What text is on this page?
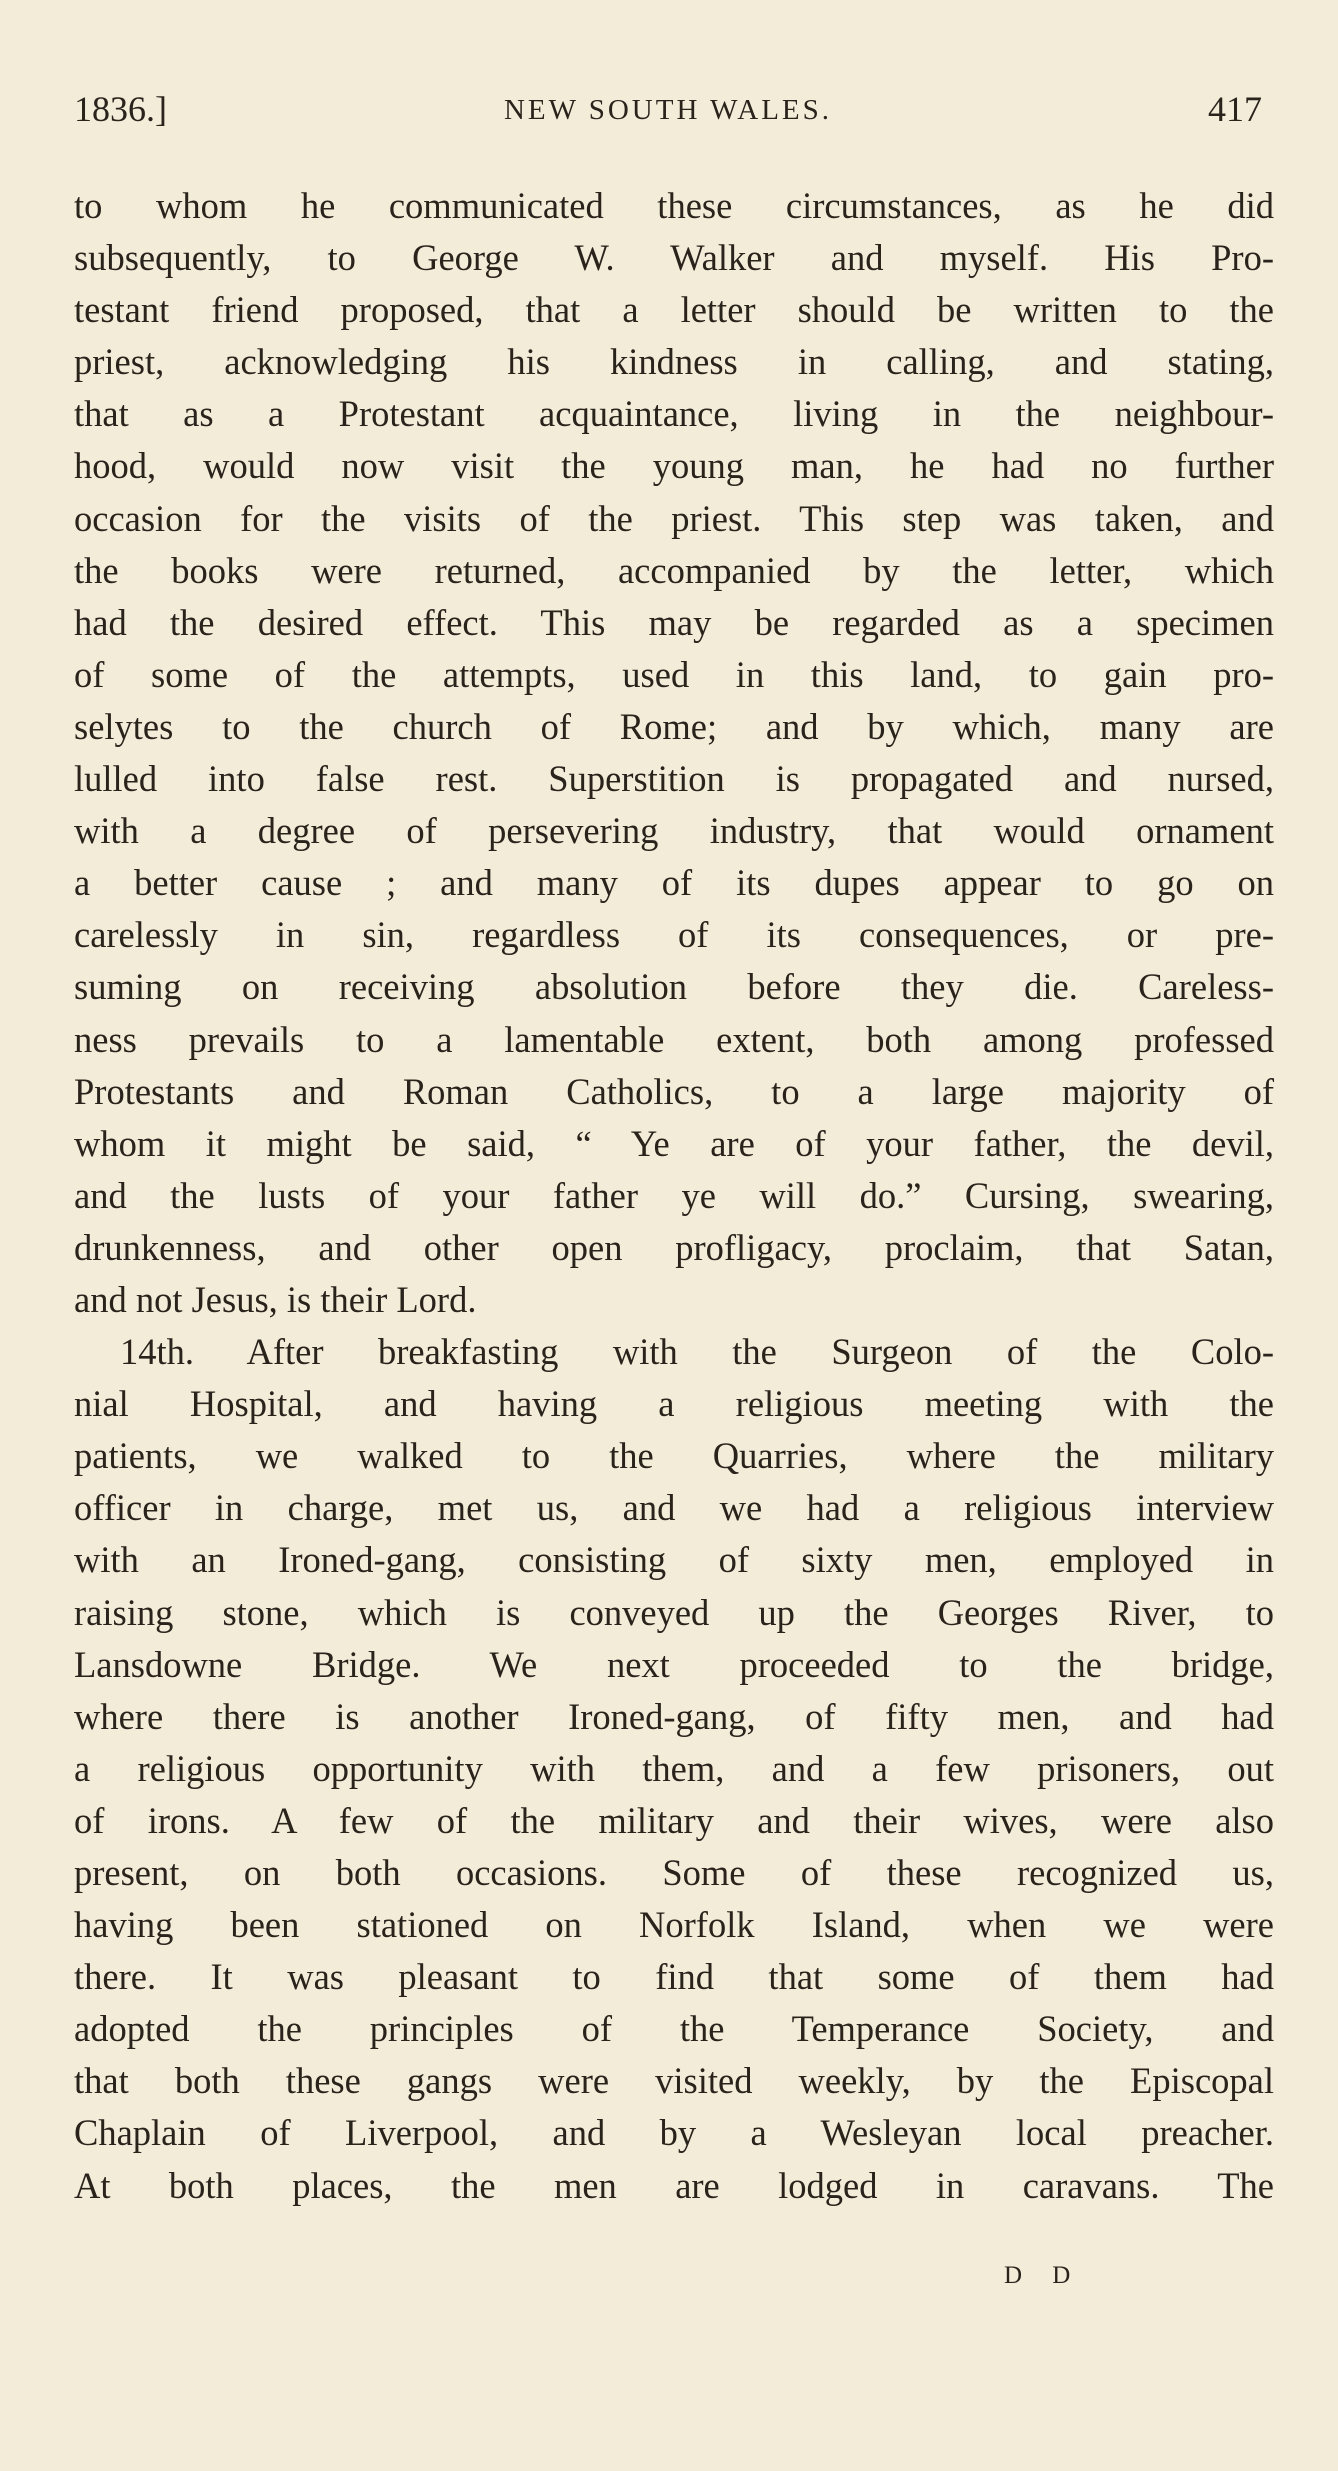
1836.]	NEW SOUTH WALES.	417
to whom he communicated these circumstances, as he did
subsequently, to George W. Walker and myself. His Pro-
testant friend proposed, that a letter should be written to the
priest, acknowledging his kindness in calling, and stating,
that as a Protestant acquaintance, living in the neighbour-
hood, would now visit the young man, he had no further
occasion for the visits of the priest. This step was taken, and
the books were returned, accompanied by the letter, which
had the desired effect. This may be regarded as a specimen
of some of the attempts, used in this land, to gain pro-
selytes to the church of Rome; and by which, many are
lulled into false rest. Superstition is propagated and nursed,
with a degree of persevering industry, that would ornament
a better cause ; and many of its dupes appear to go on
carelessly in sin, regardless of its consequences, or pre-
suming on receiving absolution before they die. Careless-
ness prevails to a lamentable extent, both among professed
Protestants and Roman Catholics, to a large majority of
whom it might be said, “ Ye are of your father, the devil,
and the lusts of your father ye will do.” Cursing, swearing,
drunkenness, and other open profligacy, proclaim, that Satan,
and not Jesus, is their Lord.
14th. After breakfasting with the Surgeon of the Colo-
nial Hospital, and having a religious meeting with the
patients, we walked to the Quarries, where the military
officer in charge, met us, and we had a religious interview
with an Ironed-gang, consisting of sixty men, employed in
raising stone, which is conveyed up the Georges River, to
Lansdowne Bridge. We next proceeded to the bridge,
where there is another Ironed-gang, of fifty men, and had
a religious opportunity with them, and a few prisoners, out
of irons. A few of the military and their wives, were also
present, on both occasions. Some of these recognized us,
having been stationed on Norfolk Island, when we were
there. It was pleasant to find that some of them had
adopted the principles of the Temperance Society, and
that both these gangs were visited weekly, by the Episcopal
Chaplain of Liverpool, and by a Wesleyan local preacher.
At both places, the men are lodged in caravans. The
D D
